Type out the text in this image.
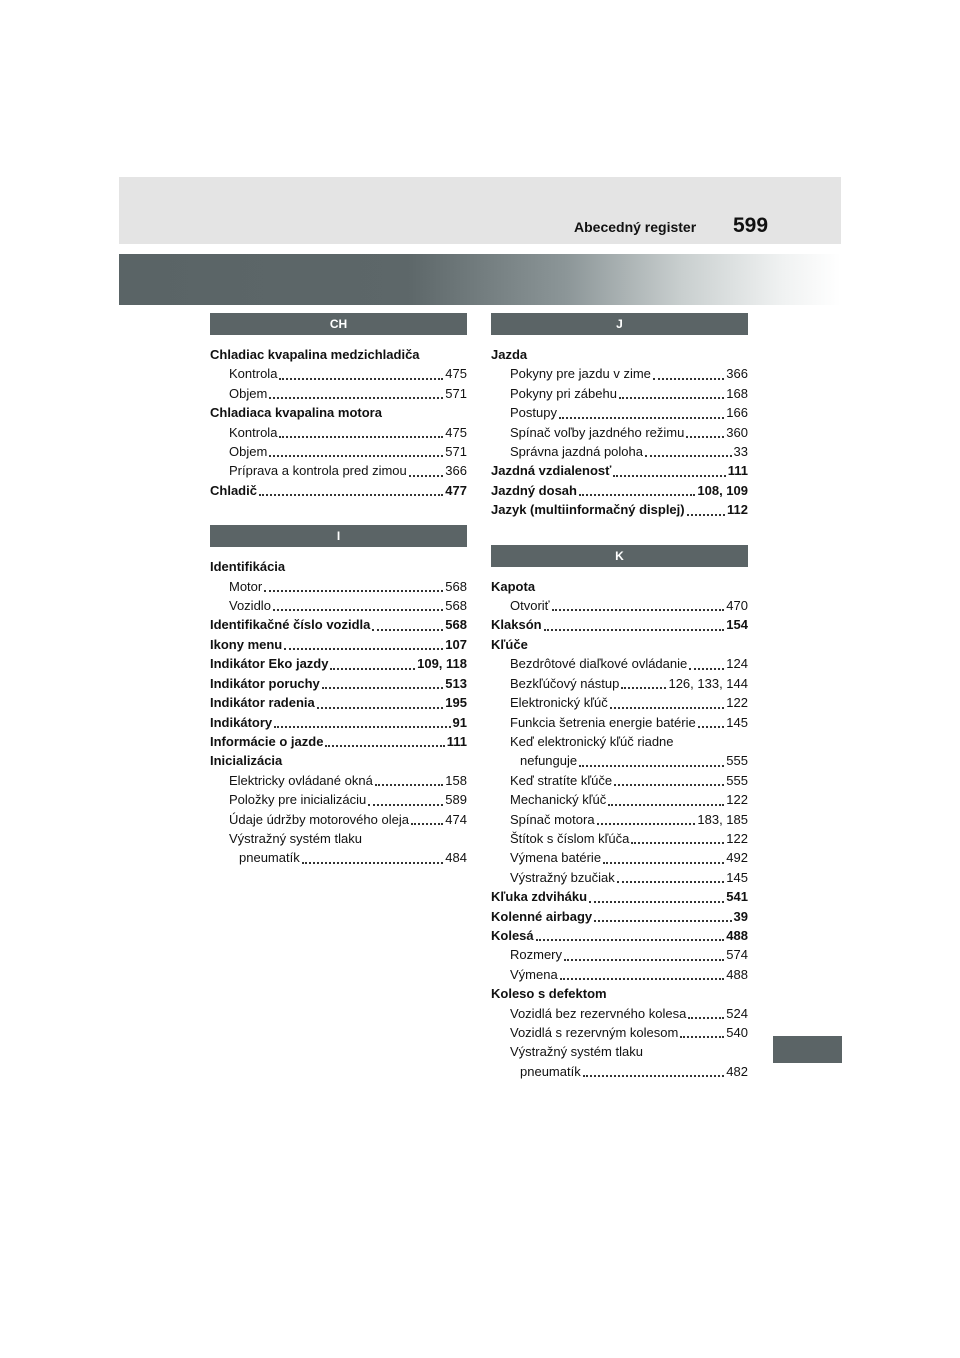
Abecedný register 599
CH
Chladiac kvapalina medzichladiča
Kontrola	475
Objem	571
Chladiaca kvapalina motora
Kontrola	475
Objem	571
Príprava a kontrola pred zimou	366
Chladič	477
I
Identifikácia
Motor	568
Vozidlo	568
Identifikačné číslo vozidla	568
Ikony menu	107
Indikátor Eko jazdy	109, 118
Indikátor poruchy	513
Indikátor radenia	195
Indikátory	91
Informácie o jazde	111
Inicializácia
Elektricky ovládané okná	158
Položky pre inicializáciu	589
Údaje údržby motorového oleja	474
Výstražný systém tlaku
pneumatík	484
J
Jazda
Pokyny pre jazdu v zime	366
Pokyny pri zábehu	168
Postupy	166
Spínač voľby jazdného režimu	360
Správna jazdná poloha	33
Jazdná vzdialenosť	111
Jazdný dosah	108, 109
Jazyk (multiinformačný displej)	112
K
Kapota
Otvoriť	470
Klaksón	154
Kľúče
Bezdrôtové diaľkové ovládanie	124
Bezkľúčový nástup	126, 133, 144
Elektronický kľúč	122
Funkcia šetrenia energie batérie 145
Keď elektronický kľúč riadne
nefunguje	555
Keď stratíte kľúče	555
Mechanický kľúč	122
Spínač motora	183, 185
Štítok s číslom kľúča	122
Výmena batérie	492
Výstražný bzučiak	145
Kľuka zdviháku	541
Kolenné airbagy	39
Kolesá	488
Rozmery	574
Výmena	488
Koleso s defektom
Vozidlá bez rezervného kolesa	524
Vozidlá s rezervným kolesom	540
Výstražný systém tlaku
pneumatík	482
